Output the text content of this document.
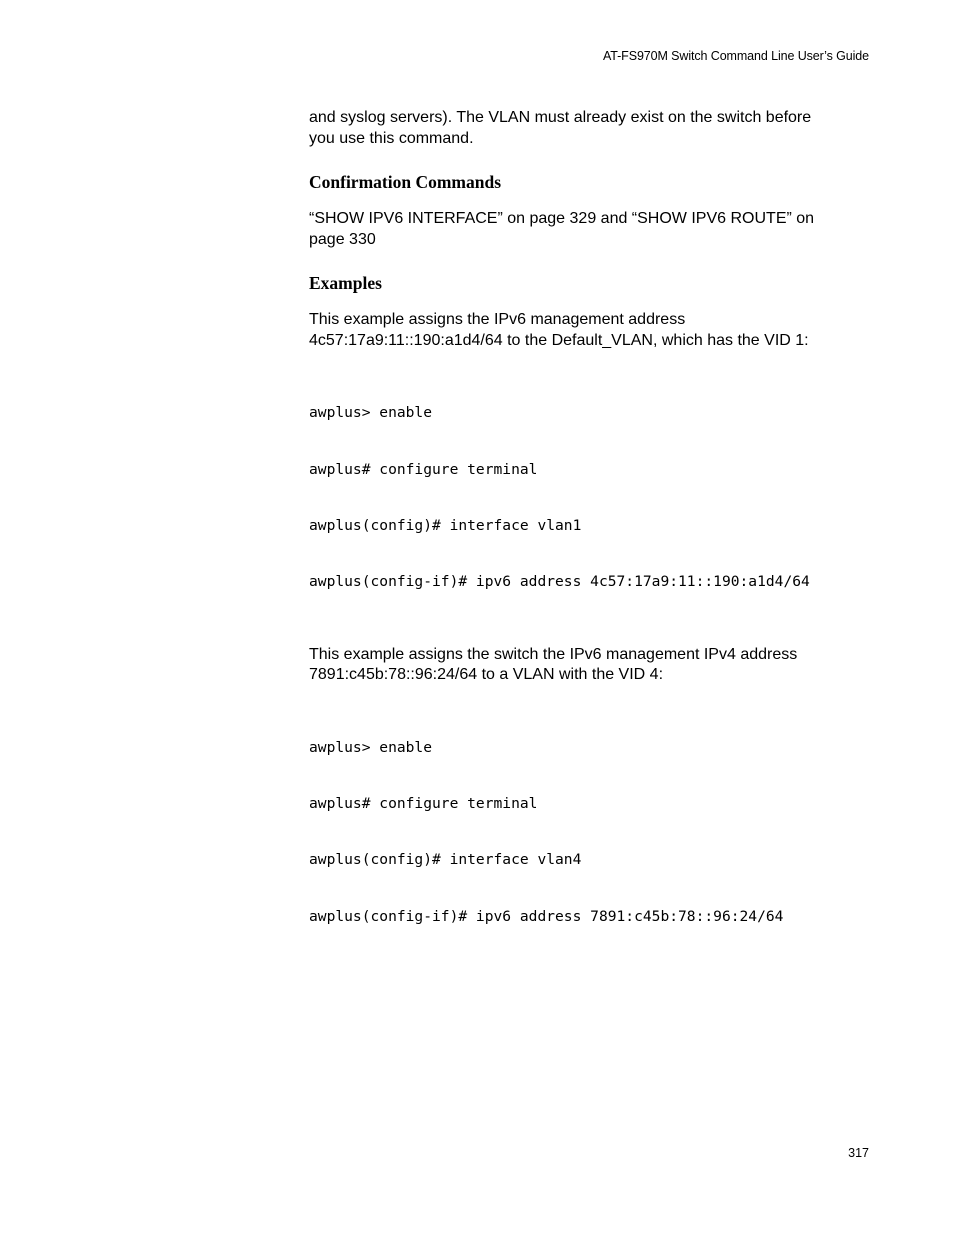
AT-FS970M Switch Command Line User’s Guide

and syslog servers). The VLAN must already exist on the switch before
you use this command.

Confirmation Commands

“SHOW IPV6 INTERFACE” on page 329 and “SHOW IPV6 ROUTE” on
page 330

Examples

This example assigns the IPv6 management address
4c57:17a9:11::190:a1d4/64 to the Default_VLAN, which has the VID 1:

awplus> enable

awplus# configure terminal

awplus(config)# interface vlan1

awplus(config-if)# ipv6 address 4c57:17a9:11::190:a1d4/64

This example assigns the switch the IPv6 management IPv4 address
7891:c45b:78::96:24/64 to a VLAN with the VID 4:

awplus> enable

awplus# configure terminal

awplus(config)# interface vlan4

awplus(config-if)# ipv6 address 7891:c45b:78::96:24/64

317
